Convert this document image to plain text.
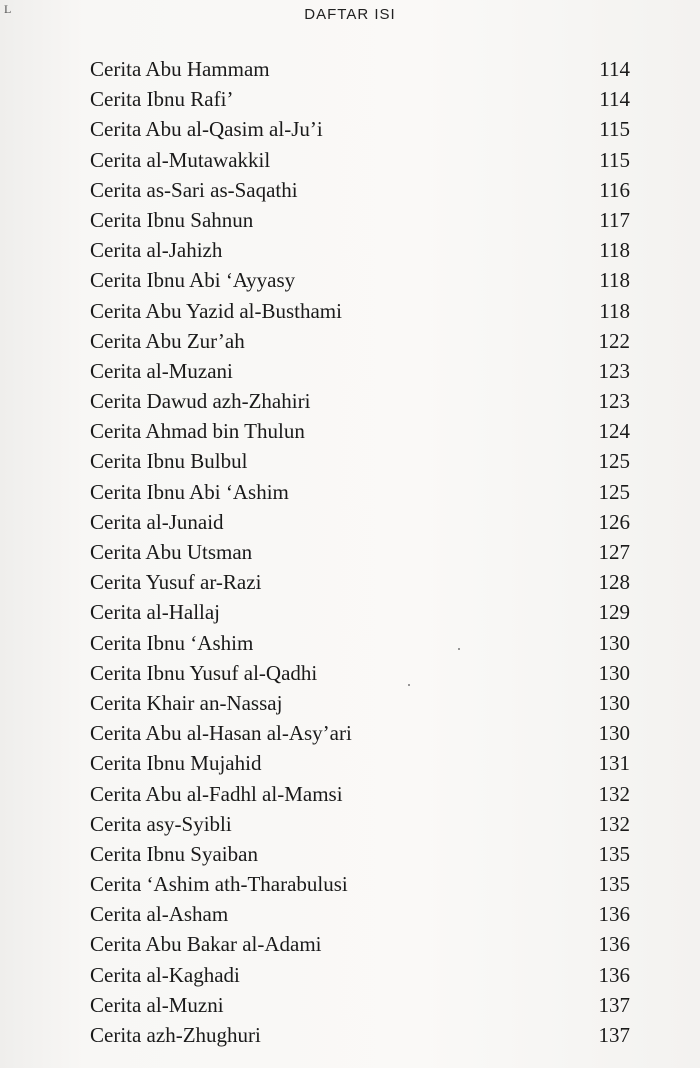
L	DAFTAR ISI
Cerita Abu Hammam	114
Cerita Ibnu Rafi’	114
Cerita Abu al-Qasim al-Ju’i	115
Cerita al-Mutawakkil	115
Cerita as-Sari as-Saqathi	116
Cerita Ibnu Sahnun	117
Cerita al-Jahizh	118
Cerita Ibnu Abi ‘Ayyasy	118
Cerita Abu Yazid al-Busthami	118
Cerita Abu Zur’ah	122
Cerita al-Muzani	123
Cerita Dawud azh-Zhahiri	123
Cerita Ahmad bin Thulun	124
Cerita Ibnu Bulbul	125
Cerita Ibnu Abi ‘Ashim	125
Cerita al-Junaid	126
Cerita Abu Utsman	127
Cerita Yusuf ar-Razi	128
Cerita al-Hallaj	129
Cerita Ibnu ‘Ashim	130
Cerita Ibnu Yusuf al-Qadhi	130
Cerita Khair an-Nassaj	130
Cerita Abu al-Hasan al-Asy’ari	130
Cerita Ibnu Mujahid	131
Cerita Abu al-Fadhl al-Mamsi	132
Cerita asy-Syibli	132
Cerita Ibnu Syaiban	135
Cerita ‘Ashim ath-Tharabulusi	135
Cerita al-Asham	136
Cerita Abu Bakar al-Adami	136
Cerita al-Kaghadi	136
Cerita al-Muzni	137
Cerita azh-Zhughuri	137
